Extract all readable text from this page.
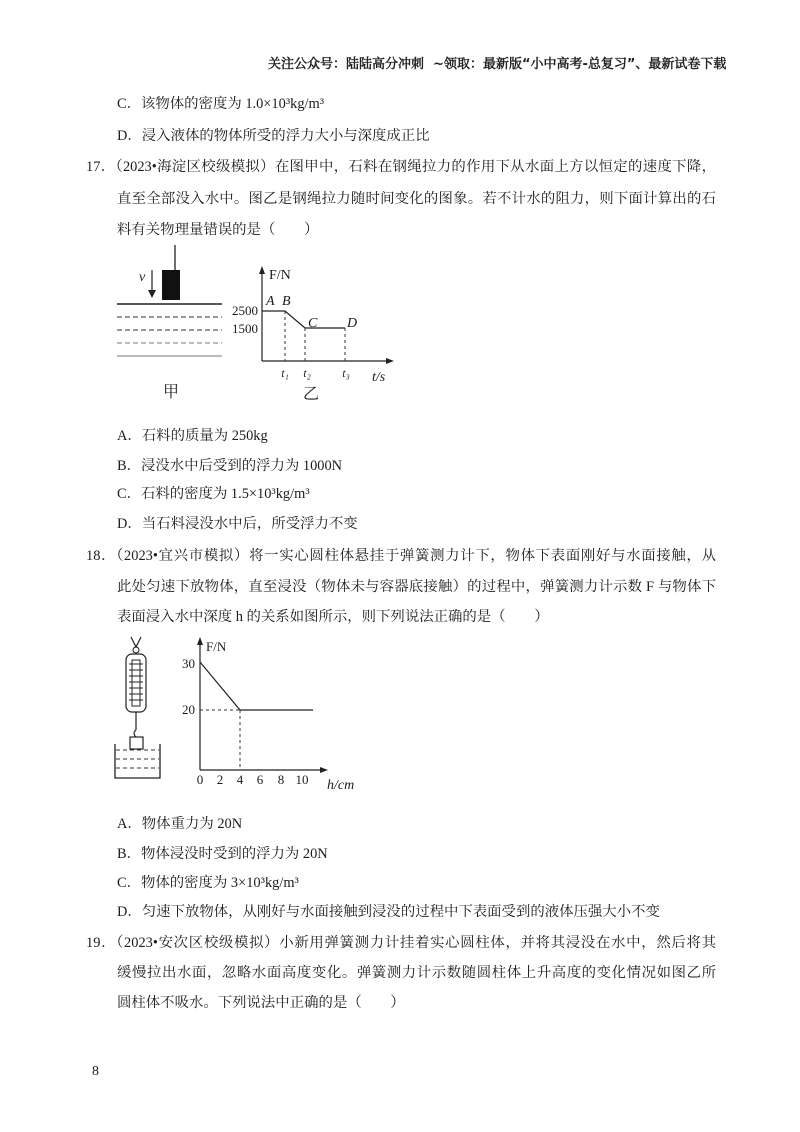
关注公众号：陆陆高分冲刺  ~领取：最新版“小中高考-总复习”、最新试卷下载
C．该物体的密度为 1.0×10³kg/m³
D．浸入液体的物体所受的浮力大小与深度成正比
17．（2023•海淀区校级模拟）在图甲中，石料在钢绳拉力的作用下从水面上方以恒定的速度下降，
直至全部没入水中。图乙是钢绳拉力随时间变化的图象。若不计水的阻力，则下面计算出的石
料有关物理量错误的是（　　）
v
甲
F/N
2500
1500
A B
C D
t₁ t₂	t₃ t/s
乙
A．石料的质量为 250kg
B．浸没水中后受到的浮力为 1000N
C．石料的密度为 1.5×10³kg/m³
D．当石料浸没水中后，所受浮力不变
18．（2023•宜兴市模拟）将一实心圆柱体悬挂于弹簧测力计下，物体下表面刚好与水面接触，从
此处匀速下放物体，直至浸没（物体未与容器底接触）的过程中，弹簧测力计示数 F 与物体下
表面浸入水中深度 h 的关系如图所示，则下列说法正确的是（　　）
F/N
30
20
0 2 4 6 8 10 h/cm
A．物体重力为 20N
B．物体浸没时受到的浮力为 20N
C．物体的密度为 3×10³kg/m³
D．匀速下放物体，从刚好与水面接触到浸没的过程中下表面受到的液体压强大小不变
19．（2023•安次区校级模拟）小新用弹簧测力计挂着实心圆柱体，并将其浸没在水中，然后将其
缓慢拉出水面，忽略水面高度变化。弹簧测力计示数随圆柱体上升高度的变化情况如图乙所
圆柱体不吸水。下列说法中正确的是（　　）
8
